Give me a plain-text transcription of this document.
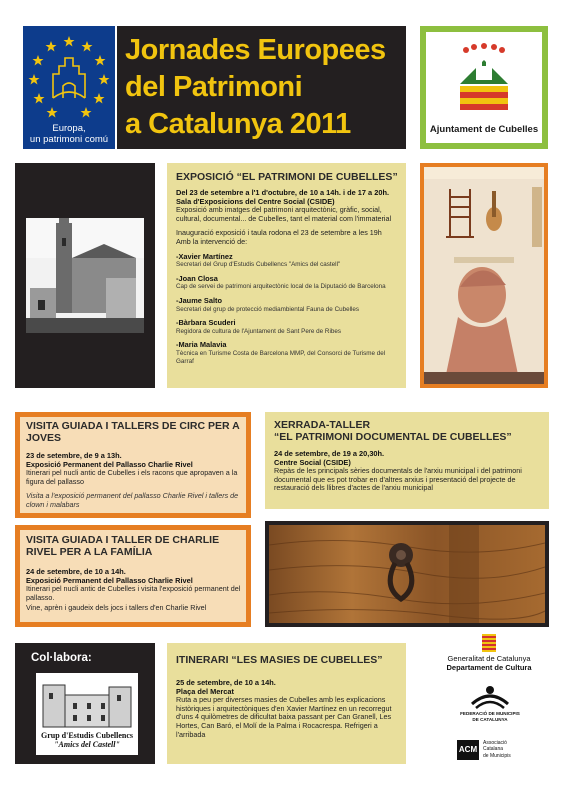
Europa,
un patrimoni comú
Jornades Europees
del Patrimoni
a Catalunya 2011	Ajuntament de Cubelles
EXPOSICIÓ “EL PATRIMONI DE CUBELLES”

Del 23 de setembre a l'1 d'octubre, de 10 a 14h. i de 17 a 20h.

Sala d'Exposicions del Centre Social (CSIDE)

Exposició amb imatges del patrimoni arquitectònic, gràfic, social, cultural, documental... de Cubelles, tant el material com l'immaterial

Inauguració exposició i taula rodona el 23 de setembre a les 19h

Amb la intervenció de:

-Xavier Martínez

Secretari del Grup d'Estudis Cubellencs "Amics del castell"

-Joan Closa

Cap de servei de patrimoni arquitectònic local de la Diputació de Barcelona

-Jaume Salto

Secretari del grup de protecció mediambiental Fauna de Cubelles

-Bàrbara Scuderi

Regidora de cultura de l'Ajuntament de Sant Pere de Ribes

-Maria Malavia

Tècnica en Turisme Costa de Barcelona MMP, del Consorci de Turisme del Garraf

VISITA GUIADA I TALLERS DE CIRC PER A JOVES

23 de setembre, de 9 a 13h.

Exposició Permanent del Pallasso Charlie Rivel

Itinerari pel nucli antic de Cubelles i els racons que apropaven a la figura del pallasso

Visita a l'exposició permanent del pallasso Charlie Rivel i tallers de clown i malabars

XERRADA-TALLER
“EL PATRIMONI DOCUMENTAL DE CUBELLES”

24 de setembre, de 19 a 20,30h.

Centre Social (CSIDE)

Repàs de les principals sèries documentals de l'arxiu municipal i del patrimoni documental que es pot trobar en d'altres arxius i presentació del projecte de restauració dels llibres d'actes de l'arxiu municipal

VISITA GUIADA I TALLER DE CHARLIE RIVEL PER A LA FAMÍLIA

24 de setembre, de 10 a 14h.

Exposició Permanent del Pallasso Charlie Rivel

Itinerari pel nucli antic de Cubelles i visita l'exposició permanent del pallasso.

Vine, aprèn i gaudeix dels jocs i tallers d'en Charlie Rivel

Col·labora:
Grup d'Estudis Cubellencs
"Amics del Castell"
ITINERARI “LES MASIES DE CUBELLES”

25 de setembre, de 10 a 14h.

Plaça del Mercat

Ruta a peu per diverses masies de Cubelles amb les explicacions històriques i arquitectòniques d'en Xavier Martínez en un recorregut d'uns 4 quilòmetres de dificultat baixa passant per Can Granell, Les Hortes, Can Baró, el Molí de la Palma i Rocacrespa. Refrigeri a l'arribada

Generalitat de Catalunya
Departament de Cultura
FEDERACIÓ DE MUNICIPIS
DE CATALUNYA
ACM
Associació
Catalana
de Municipis
